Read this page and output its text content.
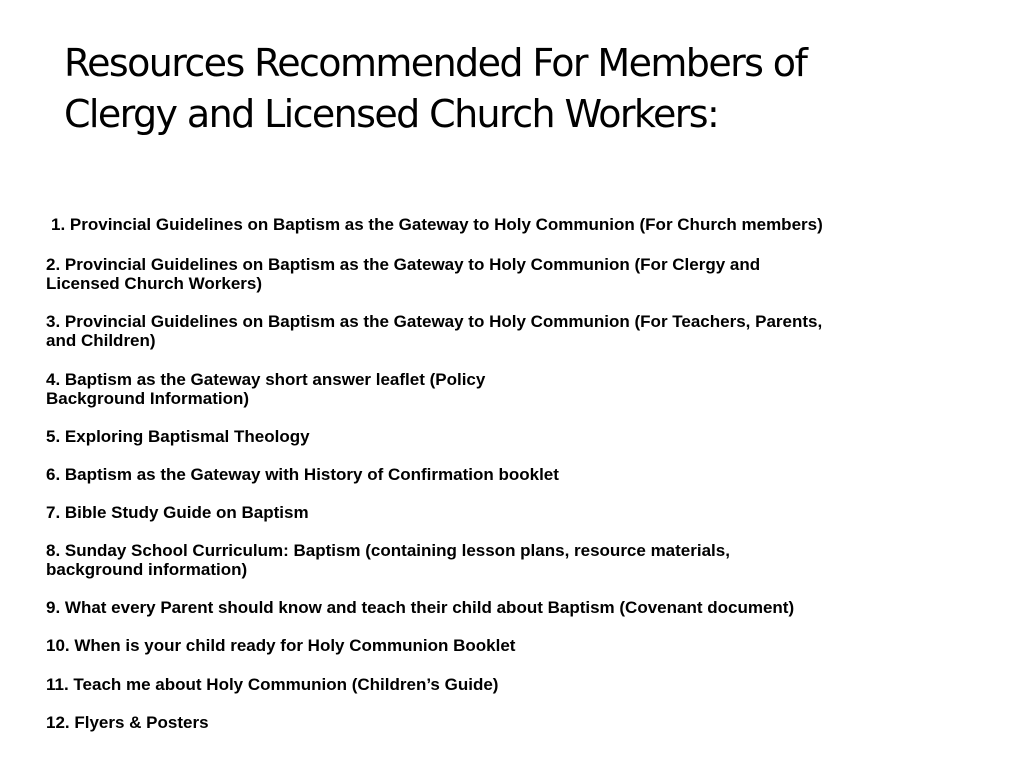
Resources Recommended For Members of
Clergy and Licensed Church Workers:

1. Provincial Guidelines on Baptism as the Gateway to Holy Communion (For Church members)

2. Provincial Guidelines on Baptism as the Gateway to Holy Communion (For Clergy and
Licensed Church Workers)

3. Provincial Guidelines on Baptism as the Gateway to Holy Communion (For Teachers, Parents,
and Children)

4. Baptism as the Gateway short answer leaflet (Policy
Background Information)

5. Exploring Baptismal Theology

6. Baptism as the Gateway with History of Confirmation booklet

7. Bible Study Guide on Baptism

8. Sunday School Curriculum: Baptism (containing lesson plans, resource materials,
background information)

9. What every Parent should know and teach their child about Baptism (Covenant document)

10. When is your child ready for Holy Communion Booklet

11. Teach me about Holy Communion (Children’s Guide)

12. Flyers & Posters
